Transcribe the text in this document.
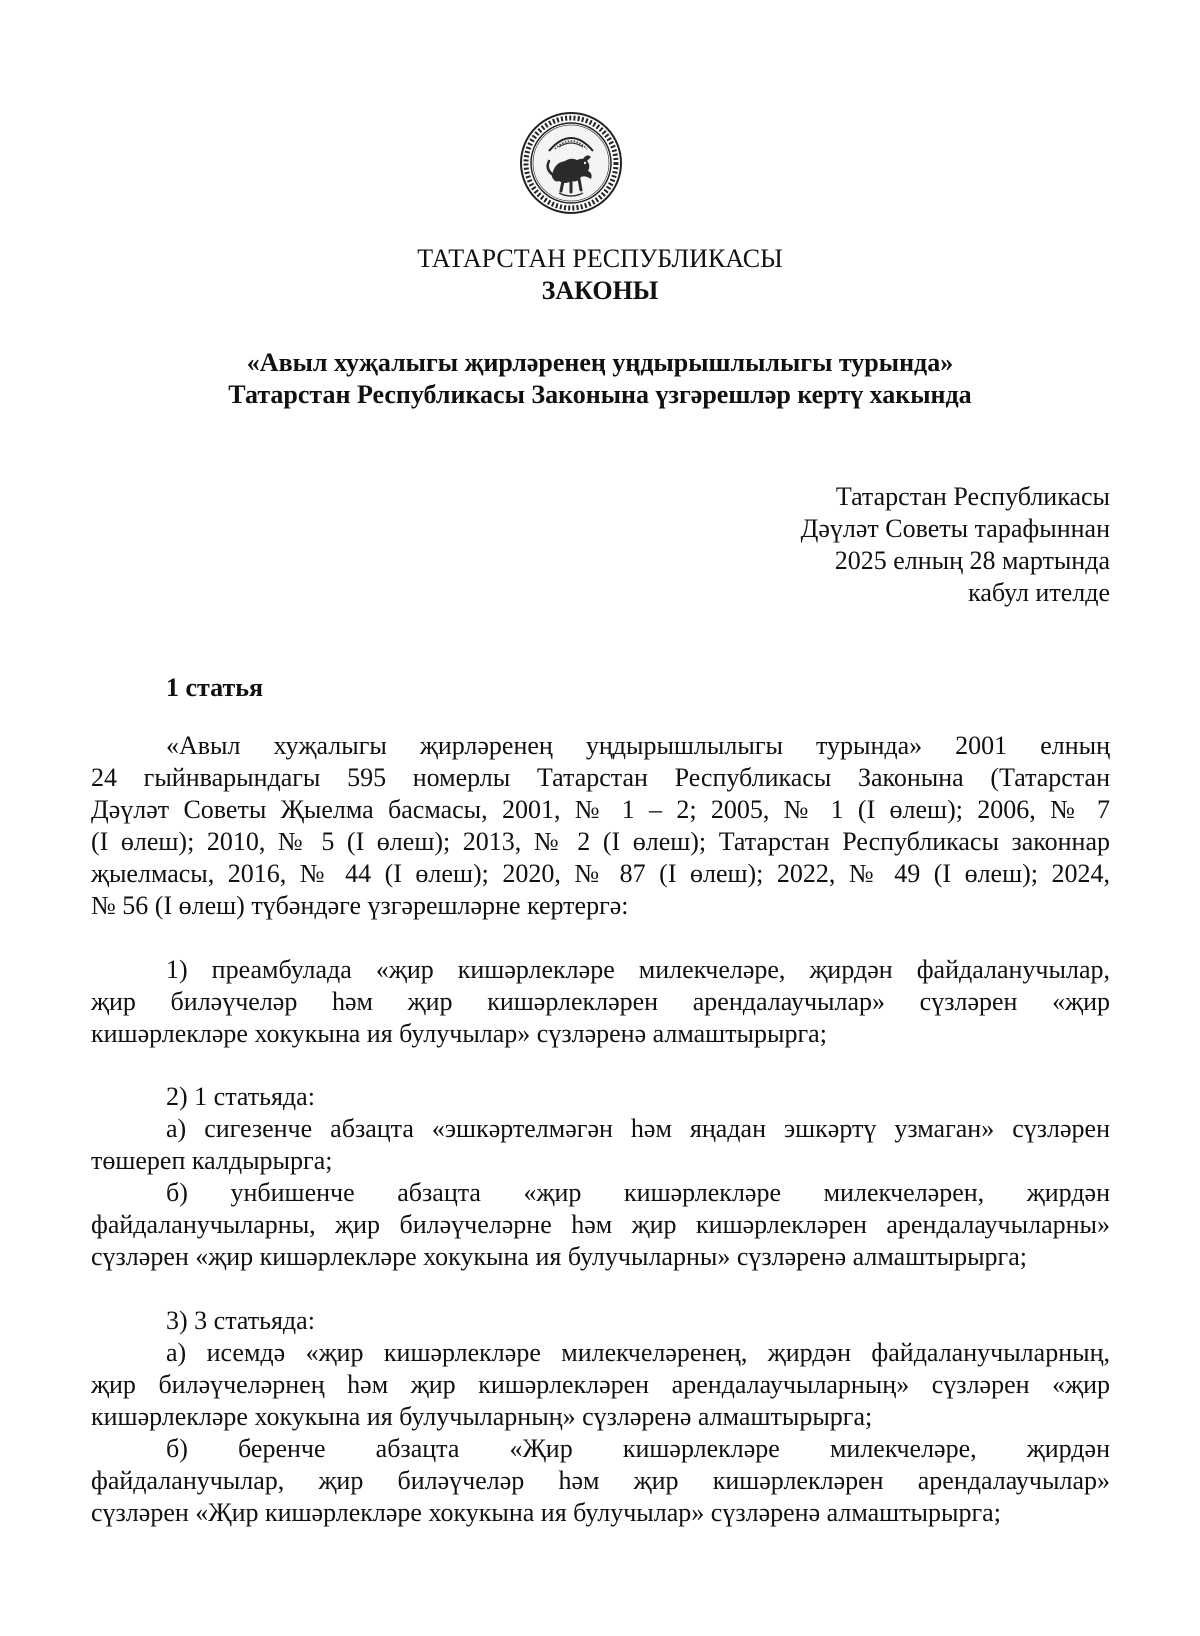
ТАТАРСТАН РЕСПУБЛИКАСЫ
ЗАКОНЫ
«Авыл хуҗалыгы җирләренең уңдырышлылыгы турында»
Татарстан Республикасы Законына үзгәрешләр кертү хакында
Татарстан Республикасы
Дәүләт Советы тарафыннан
2025 елның 28 мартында
кабул ителде
1 статья
«Авыл хуҗалыгы җирләренең уңдырышлылыгы турында» 2001 елның
24 гыйнварындагы 595 номерлы Татарстан Республикасы Законына (Татарстан
Дәүләт Советы Җыелма басмасы, 2001, № 1 – 2; 2005, № 1 (I өлеш); 2006, № 7
(I өлеш); 2010, № 5 (I өлеш); 2013, № 2 (I өлеш); Татарстан Республикасы законнар
җыелмасы, 2016, № 44 (I өлеш); 2020, № 87 (I өлеш); 2022, № 49 (I өлеш); 2024,
№ 56 (I өлеш) түбәндәге үзгәрешләрне кертергә:
1) преамбулада «җир кишәрлекләре милекчеләре, җирдән файдаланучылар,
җир биләүчеләр һәм җир кишәрлекләрен арендалаучылар» сүзләрен «җир
кишәрлекләре хокукына ия булучылар» сүзләренә алмаштырырга;
2) 1 статьяда:
а) сигезенче абзацта «эшкәртелмәгән һәм яңадан эшкәртү узмаган» сүзләрен
төшереп калдырырга;
б) унбишенче абзацта «җир кишәрлекләре милекчеләрен, җирдән
файдаланучыларны, җир биләүчеләрне һәм җир кишәрлекләрен арендалаучыларны»
сүзләрен «җир кишәрлекләре хокукына ия булучыларны» сүзләренә алмаштырырга;
3) 3 статьяда:
а) исемдә «җир кишәрлекләре милекчеләренең, җирдән файдаланучыларның,
җир биләүчеләрнең һәм җир кишәрлекләрен арендалаучыларның» сүзләрен «җир
кишәрлекләре хокукына ия булучыларның» сүзләренә алмаштырырга;
б) беренче абзацта «Җир кишәрлекләре милекчеләре, җирдән
файдаланучылар, җир биләүчеләр һәм җир кишәрлекләрен арендалаучылар»
сүзләрен «Җир кишәрлекләре хокукына ия булучылар» сүзләренә алмаштырырга;
